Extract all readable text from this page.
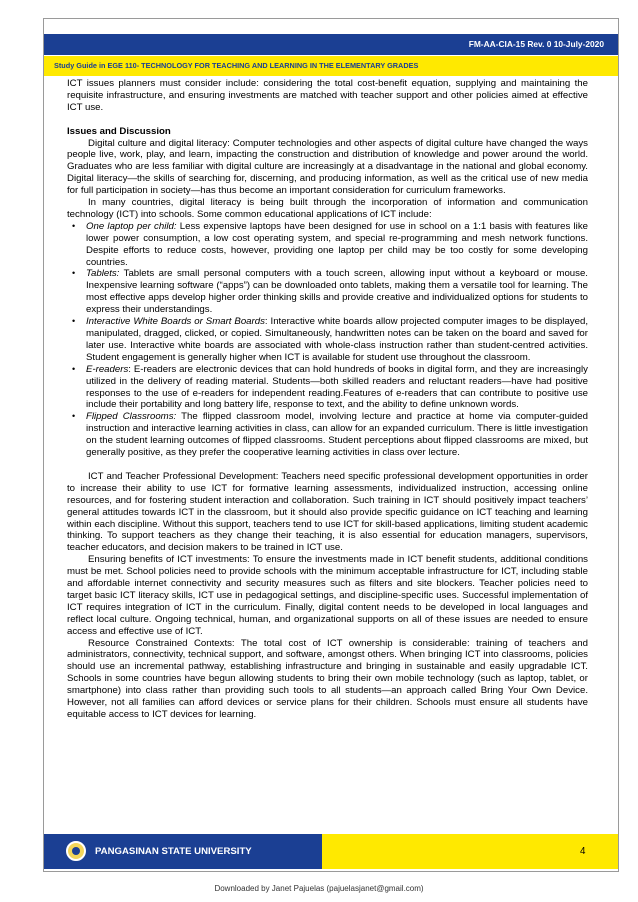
FM-AA-CIA-15 Rev. 0 10-July-2020
Study Guide in EGE 110- TECHNOLOGY FOR TEACHING AND LEARNING IN THE ELEMENTARY GRADES

ICT issues planners must consider include: considering the total cost-benefit equation, supplying and maintaining the requisite infrastructure, and ensuring investments are matched with teacher support and other policies aimed at effective ICT use.

Issues and Discussion

Digital culture and digital literacy: Computer technologies and other aspects of digital culture have changed the ways people live, work, play, and learn, impacting the construction and distribution of knowledge and power around the world. Graduates who are less familiar with digital culture are increasingly at a disadvantage in the national and global economy. Digital literacy—the skills of searching for, discerning, and producing information, as well as the critical use of new media for full participation in society—has thus become an important consideration for curriculum frameworks.

In many countries, digital literacy is being built through the incorporation of information and communication technology (ICT) into schools. Some common educational applications of ICT include:

• One laptop per child: Less expensive laptops have been designed for use in school on a 1:1 basis with features like lower power consumption, a low cost operating system, and special re-programming and mesh network functions. Despite efforts to reduce costs, however, providing one laptop per child may be too costly for some developing countries.
• Tablets: Tablets are small personal computers with a touch screen, allowing input without a keyboard or mouse. Inexpensive learning software (“apps”) can be downloaded onto tablets, making them a versatile tool for learning. The most effective apps develop higher order thinking skills and provide creative and individualized options for students to express their understandings.
• Interactive White Boards or Smart Boards: Interactive white boards allow projected computer images to be displayed, manipulated, dragged, clicked, or copied. Simultaneously, handwritten notes can be taken on the board and saved for later use. Interactive white boards are associated with whole-class instruction rather than student-centred activities. Student engagement is generally higher when ICT is available for student use throughout the classroom.
• E-readers: E-readers are electronic devices that can hold hundreds of books in digital form, and they are increasingly utilized in the delivery of reading material. Students—both skilled readers and reluctant readers—have had positive responses to the use of e-readers for independent reading.Features of e-readers that can contribute to positive use include their portability and long battery life, response to text, and the ability to define unknown words.
• Flipped Classrooms: The flipped classroom model, involving lecture and practice at home via computer-guided instruction and interactive learning activities in class, can allow for an expanded curriculum. There is little investigation on the student learning outcomes of flipped classrooms. Student perceptions about flipped classrooms are mixed, but generally positive, as they prefer the cooperative learning activities in class over lecture.

ICT and Teacher Professional Development: Teachers need specific professional development opportunities in order to increase their ability to use ICT for formative learning assessments, individualized instruction, accessing online resources, and for fostering student interaction and collaboration. Such training in ICT should positively impact teachers’ general attitudes towards ICT in the classroom, but it should also provide specific guidance on ICT teaching and learning within each discipline. Without this support, teachers tend to use ICT for skill-based applications, limiting student academic thinking. To support teachers as they change their teaching, it is also essential for education managers, supervisors, teacher educators, and decision makers to be trained in ICT use.

Ensuring benefits of ICT investments: To ensure the investments made in ICT benefit students, additional conditions must be met. School policies need to provide schools with the minimum acceptable infrastructure for ICT, including stable and affordable internet connectivity and security measures such as filters and site blockers. Teacher policies need to target basic ICT literacy skills, ICT use in pedagogical settings, and discipline-specific uses. Successful implementation of ICT requires integration of ICT in the curriculum. Finally, digital content needs to be developed in local languages and reflect local culture. Ongoing technical, human, and organizational supports on all of these issues are needed to ensure access and effective use of ICT.

Resource Constrained Contexts: The total cost of ICT ownership is considerable: training of teachers and administrators, connectivity, technical support, and software, amongst others. When bringing ICT into classrooms, policies should use an incremental pathway, establishing infrastructure and bringing in sustainable and easily upgradable ICT. Schools in some countries have begun allowing students to bring their own mobile technology (such as laptop, tablet, or smartphone) into class rather than providing such tools to all students—an approach called Bring Your Own Device. However, not all families can afford devices or service plans for their children. Schools must ensure all students have equitable access to ICT devices for learning.

PANGASINAN STATE UNIVERSITY	4
Downloaded by Janet Pajuelas (pajuelasjanet@gmail.com)
